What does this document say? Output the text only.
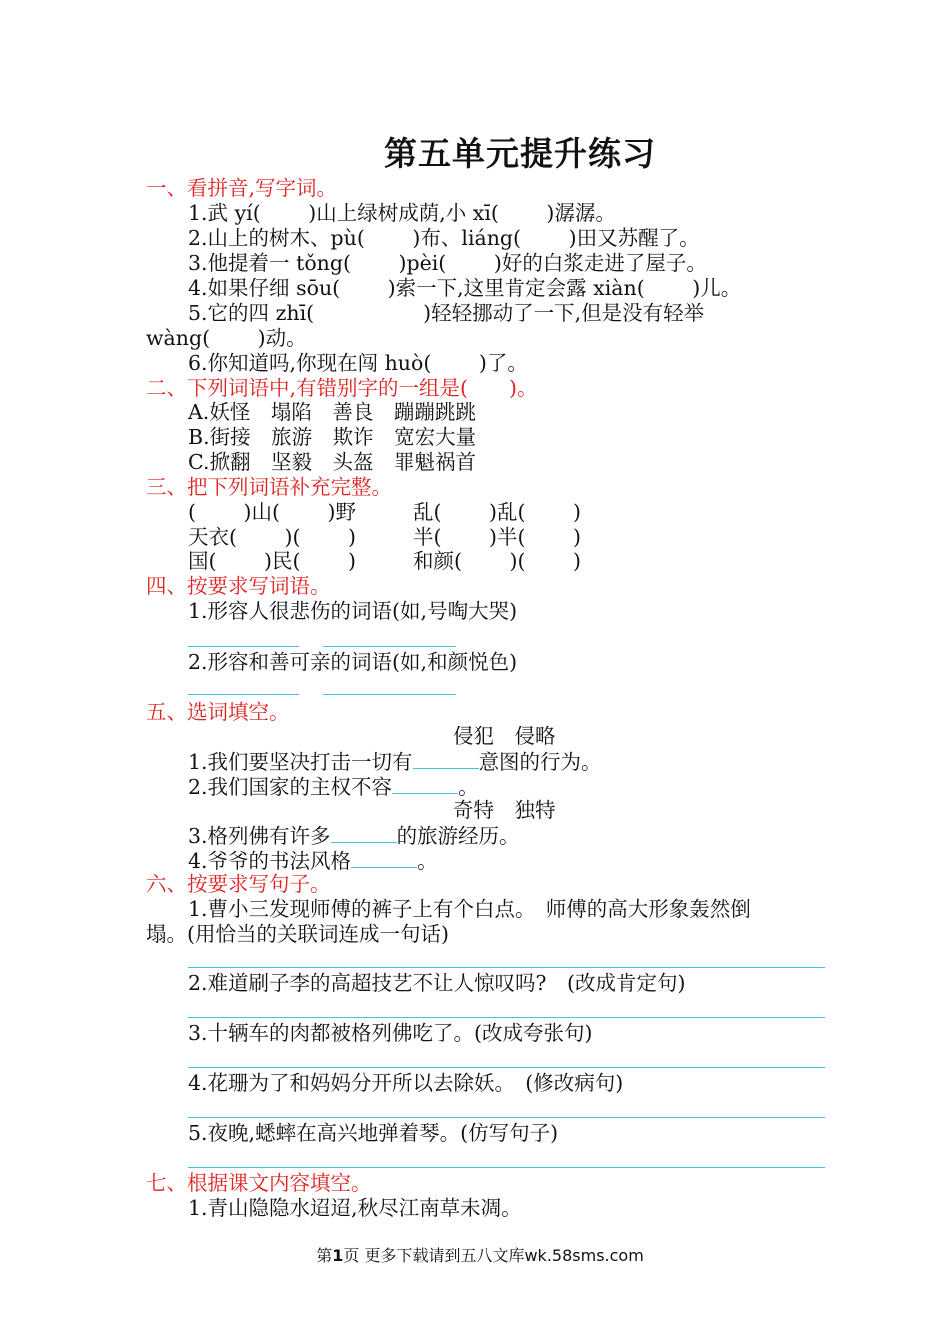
第五单元提升练习
一、看拼音,写字词。
1.武 yí(　　 )山上绿树成荫,小 xī(　　 )潺潺。
2.山上的树木、pù(　　 )布、liáng(　　 )田又苏醒了。
3.他提着一 tǒng(　　 )pèi(　　 )好的白浆走进了屋子。
4.如果仔细 sōu(　　 )索一下,这里肯定会露 xiàn(　　 )儿。
5.它的四 zhī(　　　　　 )轻轻挪动了一下,但是没有轻举
wàng(　　 )动。
6.你知道吗,你现在闯 huò(　　 )了。
二、下列词语中,有错别字的一组是(　　)。
A.妖怪　塌陷　善良　蹦蹦跳跳
B.街接　旅游　欺诈　宽宏大量
C.掀翻　坚毅　头盔　罪魁祸首
三、把下列词语补充完整。
(　　 )山(　　 )野	乱(　　 )乱(　　 )
天衣(　　 )(　　 )	半(　　 )半(　　 )
国(　　 )民(　　 )	和颜(　　 )(　　 )
四、按要求写词语。
1.形容人很悲伤的词语(如,号啕大哭)
2.形容和善可亲的词语(如,和颜悦色)
五、选词填空。
侵犯　侵略
1.我们要坚决打击一切有	意图的行为。
2.我们国家的主权不容	。
奇特　独特
3.格列佛有许多	的旅游经历。
4.爷爷的书法风格	。
六、按要求写句子。
1.曹小三发现师傅的裤子上有个白点。　师傅的高大形象轰然倒
塌。(用恰当的关联词连成一句话)
2.难道刷子李的高超技艺不让人惊叹吗?　(改成肯定句)
3.十辆车的肉都被格列佛吃了。(改成夸张句)
4.花珊为了和妈妈分开所以去除妖。　(修改病句)
5.夜晚,蟋蟀在高兴地弹着琴。(仿写句子)
七、根据课文内容填空。
1.青山隐隐水迢迢,秋尽江南草未凋。
第1页 更多下载请到五八文库wk.58sms.com
